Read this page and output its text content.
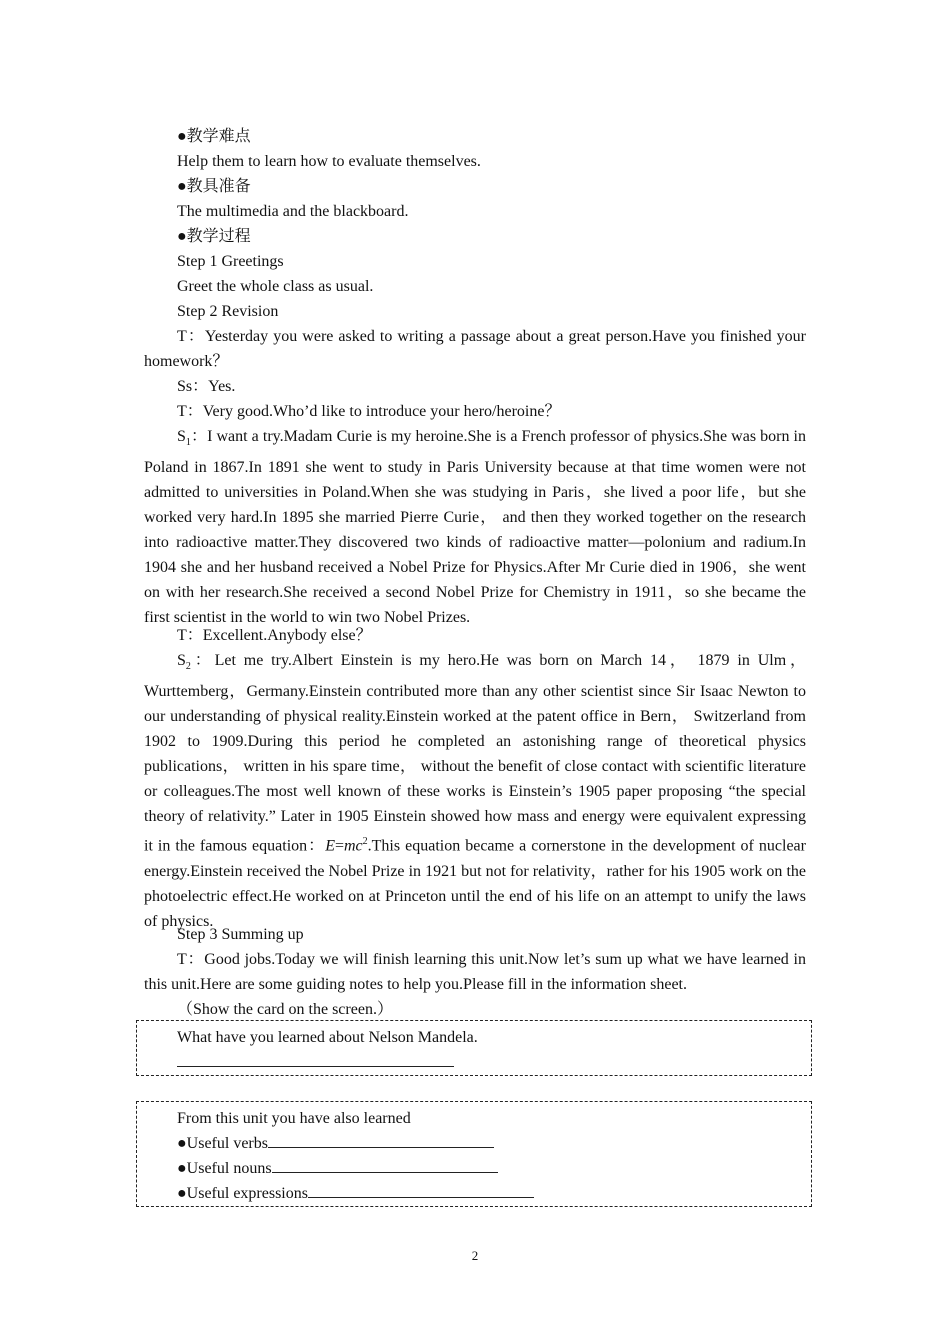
●教学难点
Help them to learn how to evaluate themselves.
●教具准备
The multimedia and the blackboard.
●教学过程
Step 1 Greetings
Greet the whole class as usual.
Step 2 Revision

T：Yesterday you were asked to writing a passage about a great person.Have you finished your homework？

Ss：Yes.
T：Very good.Who’d like to introduce your hero/heroine？

$S_1$：I want a try.Madam Curie is my heroine.She is a French professor of physics.She was born in Poland in 1867.In 1891 she went to study in Paris University because at that time women were not admitted to universities in Poland.When she was studying in Paris，she lived a poor life，but she worked very hard.In 1895 she married Pierre Curie， and then they worked together on the research into radioactive matter.They discovered two kinds of radioactive matter—polonium and radium.In 1904 she and her husband received a Nobel Prize for Physics.After Mr Curie died in 1906，she went on with her research.She received a second Nobel Prize for Chemistry in 1911，so she became the first scientist in the world to win two Nobel Prizes.

T：Excellent.Anybody else？

$S_2$：Let me try.Albert Einstein is my hero.He was born on March 14， 1879 in Ulm，Wurttemberg，Germany.Einstein contributed more than any other scientist since Sir Isaac Newton to our understanding of physical reality.Einstein worked at the patent office in Bern， Switzerland from 1902 to 1909.During this period he completed an astonishing range of theoretical physics publications， written in his spare time， without the benefit of close contact with scientific literature or colleagues.The most well known of these works is Einstein’s 1905 paper proposing “the special theory of relativity.” Later in 1905 Einstein showed how mass and energy were equivalent expressing it in the famous equation：$E=mc^2.This$ equation became a cornerstone in the development of nuclear energy.Einstein received the Nobel Prize in 1921 but not for relativity，rather for his 1905 work on the photoelectric effect.He worked on at Princeton until the end of his life on an attempt to unify the laws of physics.

Step 3 Summing up

T：Good jobs.Today we will finish learning this unit.Now let’s sum up what we have learned in this unit.Here are some guiding notes to help you.Please fill in the information sheet.

（Show the card on the screen.）
What have you learned about Nelson Mandela.
From this unit you have also learned
●Useful verbs
●Useful nouns
●Useful expressions
2
